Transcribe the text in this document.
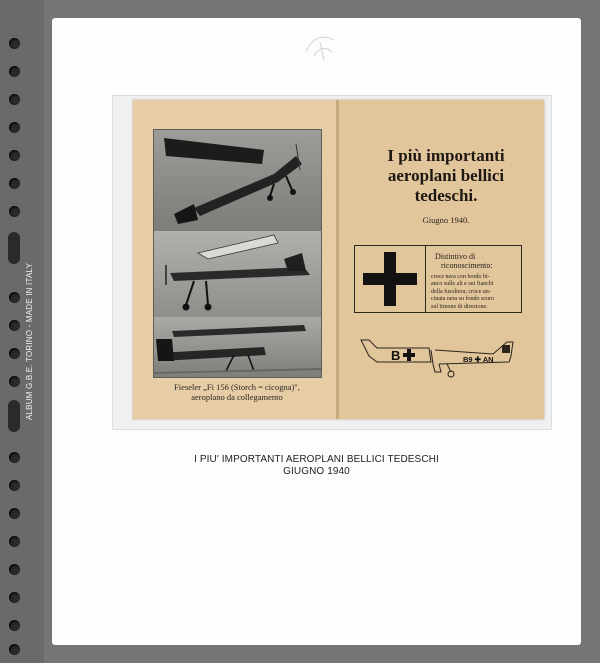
ALBUM G.B.E. TORINO - MADE IN ITALY	Fieseler „Fi 156 (Storch = cicogna)",
aeroplano da collegamento
I più importanti
aeroplani bellici
tedeschi.
Giugno 1940.
Distintivo di
riconoscimento:
croce nera con bordo bi-
anco sulle ali e sui fianchi
della fusoliera; croce un-
cinata nera su fondo scuro
sul timone di direzione.
B	B9 ✚ AN
I PIU' IMPORTANTI AEROPLANI BELLICI TEDESCHI
GIUGNO 1940
